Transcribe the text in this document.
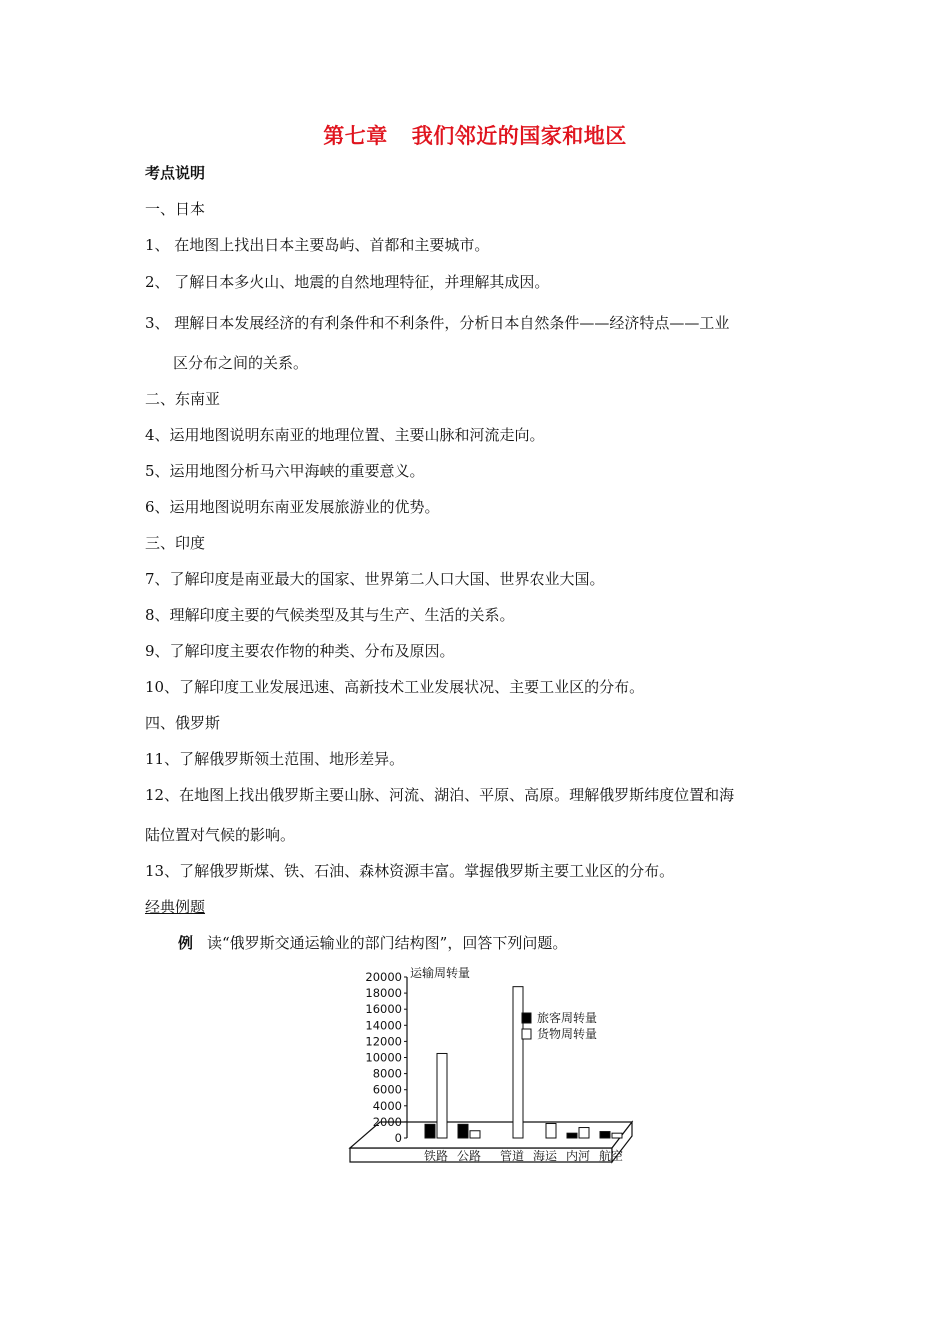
第七章 我们邻近的国家和地区
考点说明
一、日本
1、 在地图上找出日本主要岛屿、首都和主要城市。
2、 了解日本多火山、地震的自然地理特征，并理解其成因。
3、 理解日本发展经济的有利条件和不利条件，分析日本自然条件——经济特点——工业
区分布之间的关系。
二、东南亚
4、运用地图说明东南亚的地理位置、主要山脉和河流走向。
5、运用地图分析马六甲海峡的重要意义。
6、运用地图说明东南亚发展旅游业的优势。
三、印度
7、了解印度是南亚最大的国家、世界第二人口大国、世界农业大国。
8、理解印度主要的气候类型及其与生产、生活的关系。
9、了解印度主要农作物的种类、分布及原因。
10、了解印度工业发展迅速、高新技术工业发展状况、主要工业区的分布。
四、俄罗斯
11、了解俄罗斯领土范围、地形差异。
12、在地图上找出俄罗斯主要山脉、河流、湖泊、平原、高原。理解俄罗斯纬度位置和海
陆位置对气候的影响。
13、了解俄罗斯煤、铁、石油、森林资源丰富。掌握俄罗斯主要工业区的分布。
经典例题
例 读“俄罗斯交通运输业的部门结构图”，回答下列问题。
20000
18000
16000
14000
12000
10000
8000
6000
4000
2000
0
铁路 公路 管道 海运 内河 航空
旅客周转量
货物周转量
运输周转量
